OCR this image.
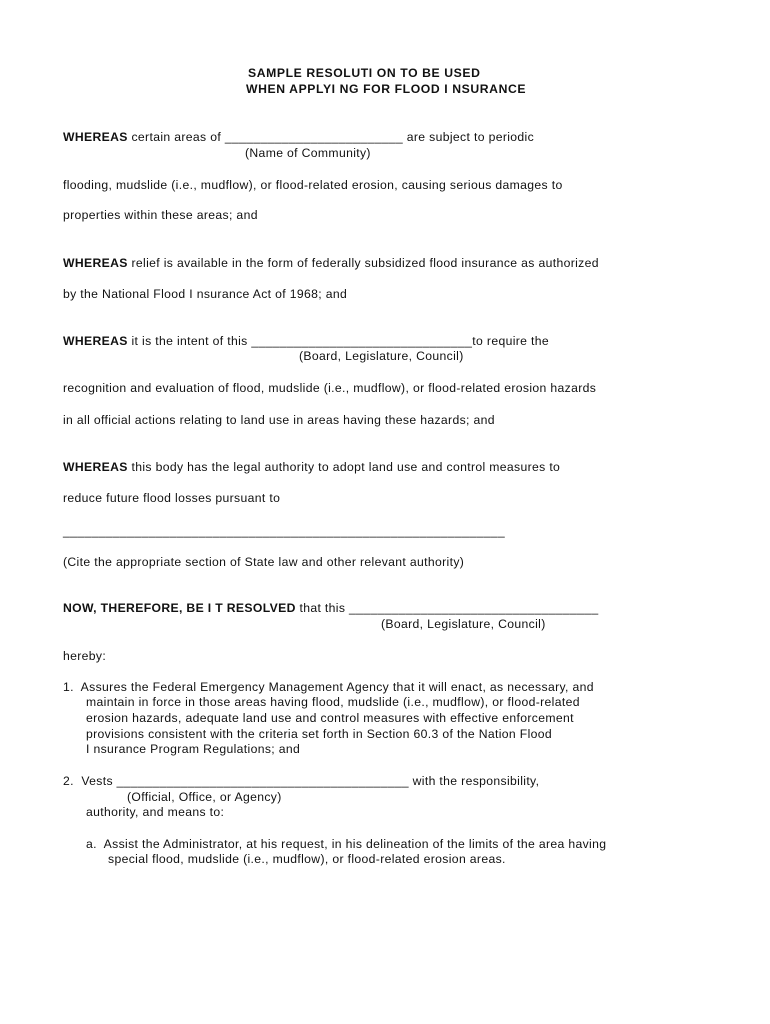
SAMPLE RESOLUTI ON TO BE USED
WHEN APPLYI NG FOR FLOOD I NSURANCE
WHEREAS certain areas of _________________________ are subject to periodic
(Name of Community)
flooding, mudslide (i.e., mudflow), or flood-related erosion, causing serious damages to
properties within these areas; and
WHEREAS relief is available in the form of federally subsidized flood insurance as authorized
by the National Flood I nsurance Act of 1968; and
WHEREAS it is the intent of this _______________________________to require the
(Board, Legislature, Council)
recognition and evaluation of flood, mudslide (i.e., mudflow), or flood-related erosion hazards
in all official actions relating to land use in areas having these hazards; and
WHEREAS this body has the legal authority to adopt land use and control measures to
reduce future flood losses pursuant to
______________________________________________________________
(Cite the appropriate section of State law and other relevant authority)
NOW, THEREFORE, BE I T RESOLVED that this ___________________________________
(Board, Legislature, Council)
hereby:
1.  Assures the Federal Emergency Management Agency that it will enact, as necessary, and
maintain in force in those areas having flood, mudslide (i.e., mudflow), or flood-related
erosion hazards, adequate land use and control measures with effective enforcement
provisions consistent with the criteria set forth in Section 60.3 of the Nation Flood
I nsurance Program Regulations; and
2.  Vests _________________________________________ with the responsibility,
(Official, Office, or Agency)
authority, and means to:
a.  Assist the Administrator, at his request, in his delineation of the limits of the area having
special flood, mudslide (i.e., mudflow), or flood-related erosion areas.
